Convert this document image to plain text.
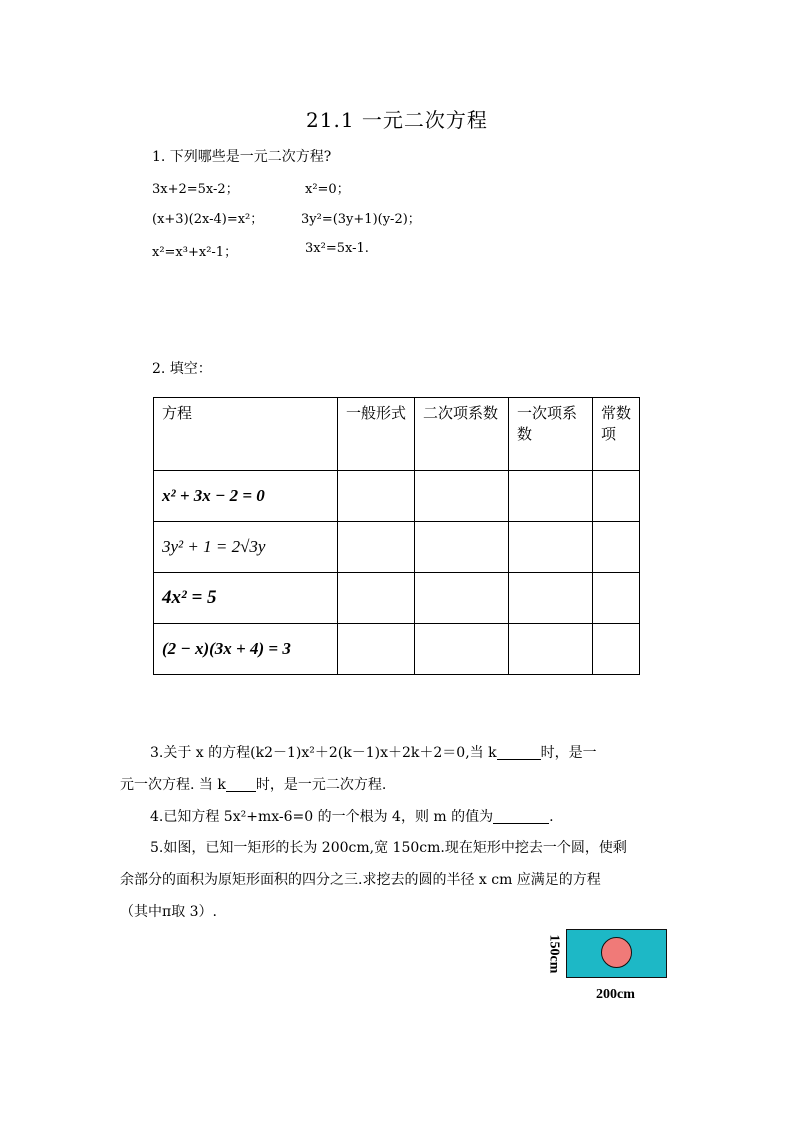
21.1 一元二次方程
1. 下列哪些是一元二次方程?
3x+2=5x-2；	x²=0；
(x+3)(2x-4)=x²；	3y²=(3y+1)(y-2)；
x²=x³+x²-1；	3x²=5x-1.
2. 填空：
方程	一般形式	二次项系数	一次项系数	常数项
x² + 3x − 2 = 0				
3y² + 1 = 2√3y				
4x² = 5				
(2 − x)(3x + 4) = 3				
3.关于 x 的方程(k2－1)x²＋2(k－1)x＋2k＋2＝0,当 k	时，是一
元一次方程. 当 k 时，是一元二次方程.
4.已知方程 5x²+mx-6=0 的一个根为 4，则 m 的值为	.
5.如图，已知一矩形的长为 200cm,宽 150cm.现在矩形中挖去一个圆，使剩
余部分的面积为原矩形面积的四分之三.求挖去的圆的半径 x cm 应满足的方程
（其中π取 3）.
150cm
200cm
